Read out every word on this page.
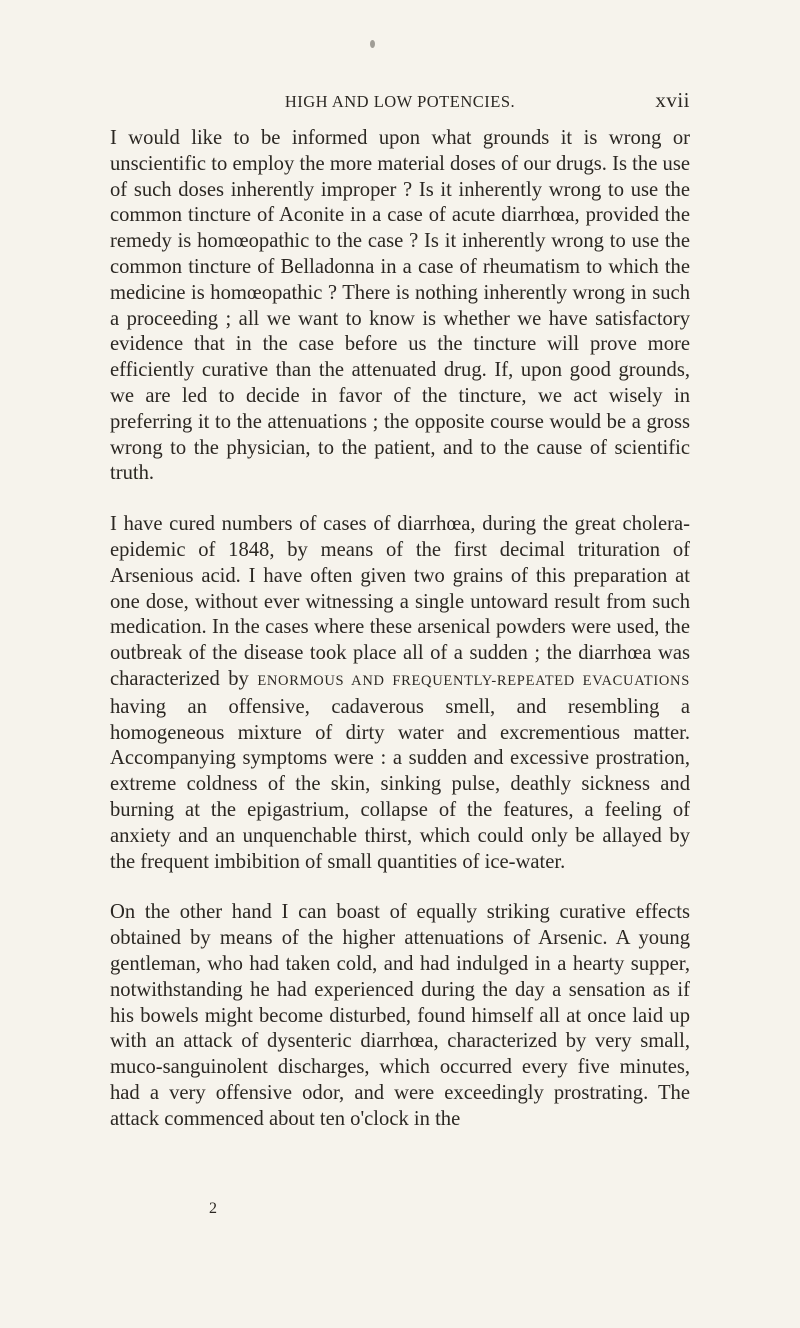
HIGH AND LOW POTENCIES.	xvii

I would like to be informed upon what grounds it is wrong or unscientific to employ the more material doses of our drugs. Is the use of such doses inherently improper ? Is it inherently wrong to use the common tincture of Aconite in a case of acute diarrhœa, provided the remedy is homœopathic to the case ? Is it inherently wrong to use the common tincture of Belladonna in a case of rheumatism to which the medicine is homœopathic ? There is nothing inherently wrong in such a proceeding ; all we want to know is whether we have satisfactory evidence that in the case before us the tincture will prove more efficiently curative than the attenuated drug. If, upon good grounds, we are led to decide in favor of the tincture, we act wisely in preferring it to the attenuations ; the opposite course would be a gross wrong to the physician, to the patient, and to the cause of scientific truth.

I have cured numbers of cases of diarrhœa, during the great cholera-epidemic of 1848, by means of the first decimal trituration of Arsenious acid. I have often given two grains of this preparation at one dose, without ever witnessing a single untoward result from such medication. In the cases where these arsenical powders were used, the outbreak of the disease took place all of a sudden ; the diarrhœa was characterized by ENORMOUS AND FREQUENTLY-REPEATED EVACUATIONS having an offensive, cadaverous smell, and resembling a homogeneous mixture of dirty water and excrementious matter. Accompanying symptoms were : a sudden and excessive prostration, extreme coldness of the skin, sinking pulse, deathly sickness and burning at the epigastrium, collapse of the features, a feeling of anxiety and an unquenchable thirst, which could only be allayed by the frequent imbibition of small quantities of ice-water.

On the other hand I can boast of equally striking curative effects obtained by means of the higher attenuations of Arsenic. A young gentleman, who had taken cold, and had indulged in a hearty supper, notwithstanding he had experienced during the day a sensation as if his bowels might become disturbed, found himself all at once laid up with an attack of dysenteric diarrhœa, characterized by very small, muco-sanguinolent discharges, which occurred every five minutes, had a very offensive odor, and were exceedingly prostrating. The attack commenced about ten o'clock in the

2
